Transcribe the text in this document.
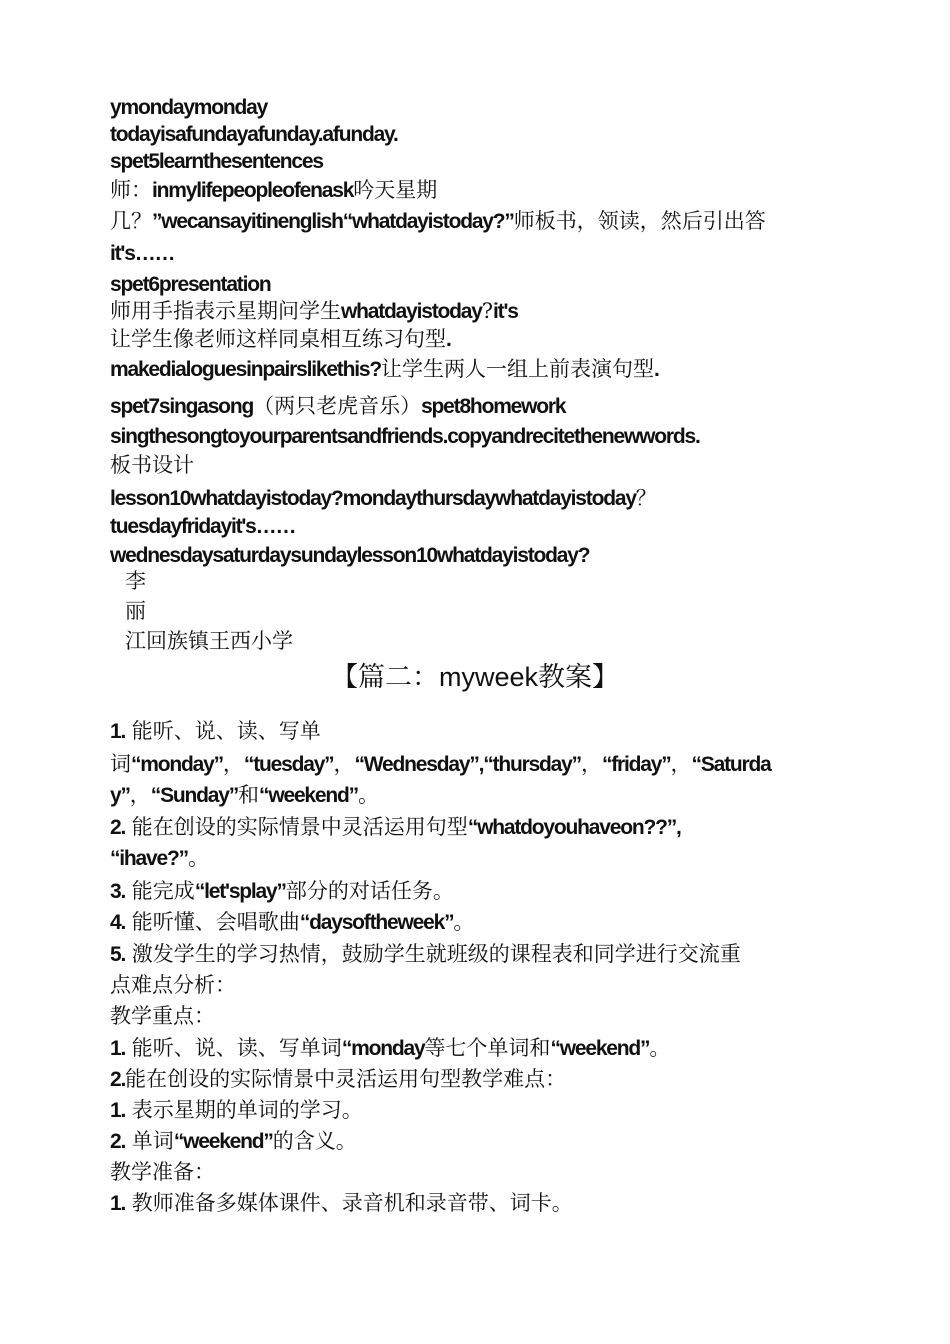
ymondaymonday
todayisafundayafunday.afunday.
spet5learnthesentences
师：inmylifepeopleofenask吟天星期
几？”wecansayitinenglish“whatdayistoday?”师板书，领读，然后引出答
it's……
spet6presentation
师用手指表示星期问学生whatdayistoday?it's
让学生像老师这样同桌相互练习句型.
makedialoguesinpairslikethis?让学生两人一组上前表演句型.
spet7singasong（两只老虎音乐）spet8homework
singthesongtoyourparentsandfriends.copyandrecitethenewwords.
板书设计
lesson10whatdayistoday?mondaythursdaywhatdayistoday？
tuesdayfridayit's……
wednesdaysaturdaysundaylesson10whatdayistoday?
李
丽
江回族镇王西小学
【篇二：myweek教案】
1. 能听、说、读、写单
词“monday”，“tuesday”，“Wednesday”,“thursday”，“friday”，“Saturda
y”，“Sunday”和“weekend”。
2. 能在创设的实际情景中灵活运用句型“whatdoyouhaveon??”,
“ihave?”。
3. 能完成“let'splay”部分的对话任务。
4. 能听懂、会唱歌曲“daysoftheweek”。
5. 激发学生的学习热情，鼓励学生就班级的课程表和同学进行交流重
点难点分析：
教学重点：
1. 能听、说、读、写单词“monday等七个单词和“weekend”。
2.能在创设的实际情景中灵活运用句型教学难点：
1. 表示星期的单词的学习。
2. 单词“weekend”的含义。
教学准备：
1. 教师准备多媒体课件、录音机和录音带、词卡。
